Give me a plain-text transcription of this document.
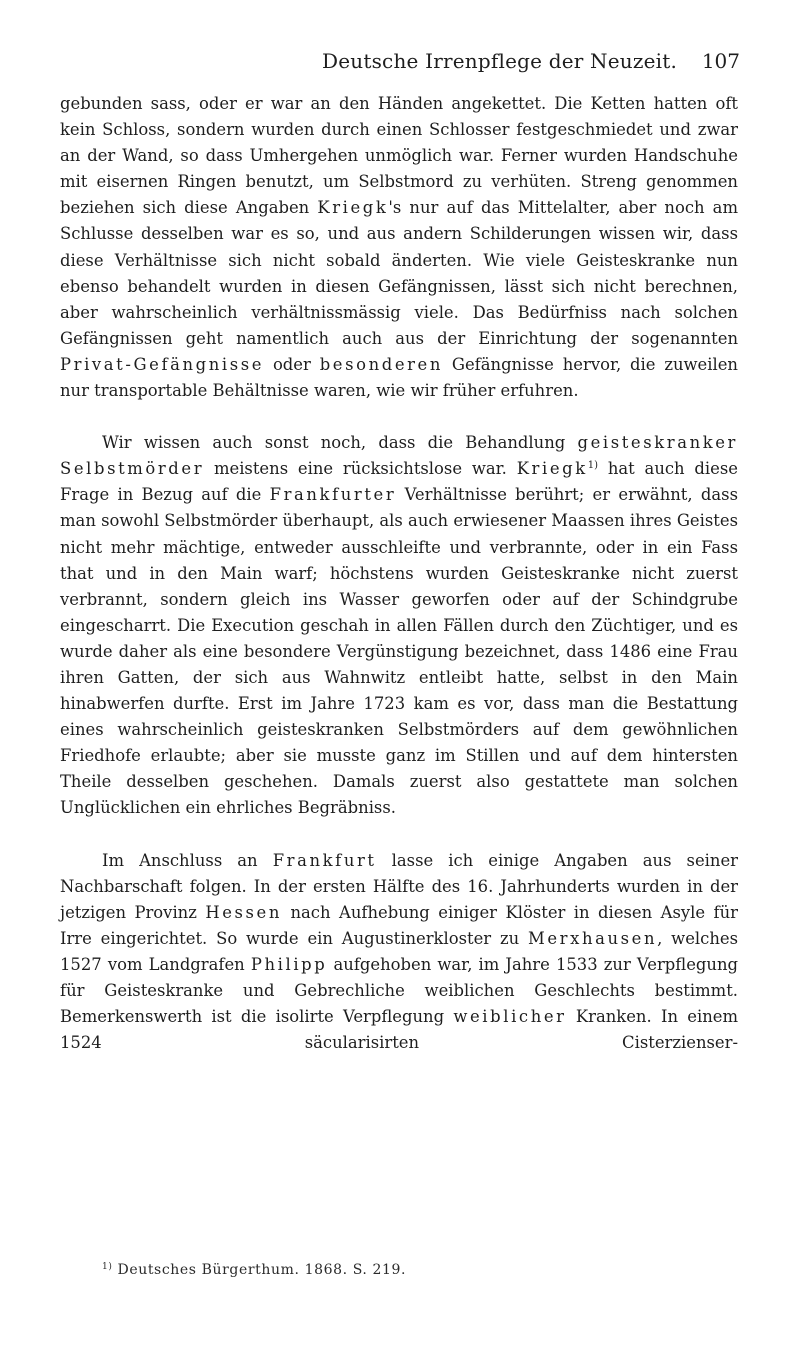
Deutsche Irrenpflege der Neuzeit. 107

gebunden sass, oder er war an den Händen angekettet. Die Ketten hatten oft kein Schloss, sondern wurden durch einen Schlosser festgeschmiedet und zwar an der Wand, so dass Umhergehen unmöglich war. Ferner wurden Handschuhe mit eisernen Ringen benutzt, um Selbstmord zu verhüten. Streng genommen beziehen sich diese Angaben Kriegk's nur auf das Mittelalter, aber noch am Schlusse desselben war es so, und aus andern Schilderungen wissen wir, dass diese Verhältnisse sich nicht sobald änderten. Wie viele Geisteskranke nun ebenso behandelt wurden in diesen Gefängnissen, lässt sich nicht berechnen, aber wahrscheinlich verhältnissmässig viele. Das Bedürfniss nach solchen Gefängnissen geht namentlich auch aus der Einrichtung der sogenannten Privat-Gefängnisse oder besonderen Gefängnisse hervor, die zuweilen nur transportable Behältnisse waren, wie wir früher erfuhren.

Wir wissen auch sonst noch, dass die Behandlung geisteskranker Selbstmörder meistens eine rücksichtslose war. Kriegk$^{1)}$ hat auch diese Frage in Bezug auf die Frankfurter Verhältnisse berührt; er erwähnt, dass man sowohl Selbstmörder überhaupt, als auch erwiesener Maassen ihres Geistes nicht mehr mächtige, entweder ausschleifte und verbrannte, oder in ein Fass that und in den Main warf; höchstens wurden Geisteskranke nicht zuerst verbrannt, sondern gleich ins Wasser geworfen oder auf der Schindgrube eingescharrt. Die Execution geschah in allen Fällen durch den Züchtiger, und es wurde daher als eine besondere Vergünstigung bezeichnet, dass 1486 eine Frau ihren Gatten, der sich aus Wahnwitz entleibt hatte, selbst in den Main hinabwerfen durfte. Erst im Jahre 1723 kam es vor, dass man die Bestattung eines wahrscheinlich geisteskranken Selbstmörders auf dem gewöhnlichen Friedhofe erlaubte; aber sie musste ganz im Stillen und auf dem hintersten Theile desselben geschehen. Damals zuerst also gestattete man solchen Unglücklichen ein ehrliches Begräbniss.

Im Anschluss an Frankfurt lasse ich einige Angaben aus seiner Nachbarschaft folgen. In der ersten Hälfte des 16. Jahrhunderts wurden in der jetzigen Provinz Hessen nach Aufhebung einiger Klöster in diesen Asyle für Irre eingerichtet. So wurde ein Augustinerkloster zu Merxhausen, welches 1527 vom Landgrafen Philipp aufgehoben war, im Jahre 1533 zur Verpflegung für Geisteskranke und Gebrechliche weiblichen Geschlechts bestimmt. Bemerkenswerth ist die isolirte Verpflegung weiblicher Kranken. In einem 1524 säcularisirten Cisterzienser-

$^{1)}$ Deutsches Bürgerthum. 1868. S. 219.
